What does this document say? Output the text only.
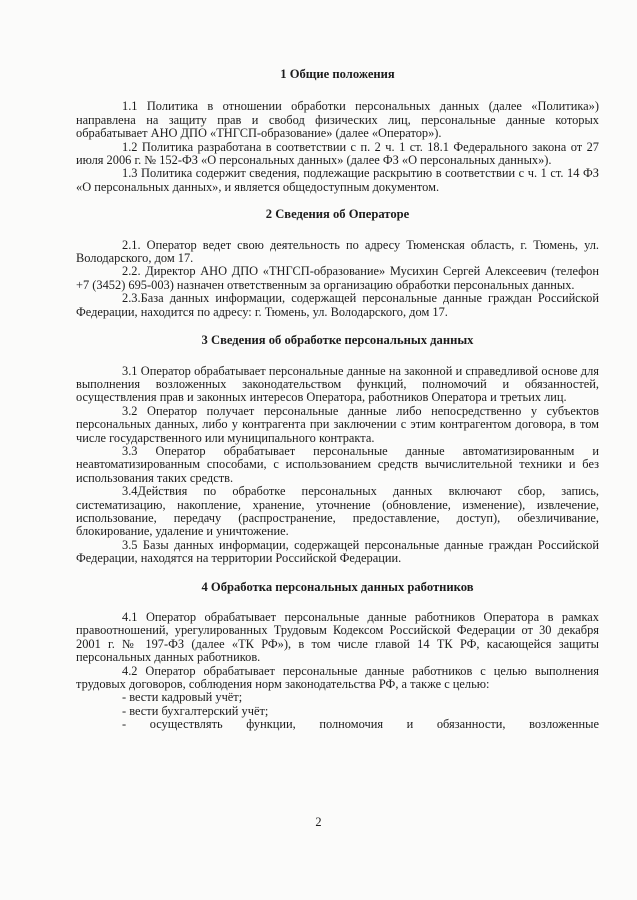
1 Общие положения

1.1 Политика в отношении обработки персональных данных (далее «Политика») направлена на защиту прав и свобод физических лиц, персональные данные которых обрабатывает АНО ДПО «ТНГСП-образование» (далее «Оператор»).

1.2 Политика разработана в соответствии с п. 2 ч. 1 ст. 18.1 Федерального закона от 27 июля 2006 г. № 152-ФЗ «О персональных данных» (далее ФЗ «О персональных данных»).

1.3 Политика содержит сведения, подлежащие раскрытию в соответствии с ч. 1 ст. 14 ФЗ «О персональных данных», и является общедоступным документом.

2 Сведения об Операторе

2.1. Оператор ведет свою деятельность по адресу Тюменская область, г. Тюмень, ул. Володарского, дом 17.

2.2. Директор АНО ДПО «ТНГСП-образование» Мусихин Сергей Алексеевич (телефон +7 (3452) 695-003) назначен ответственным за организацию обработки персональных данных.

2.3.База данных информации, содержащей персональные данные граждан Российской Федерации, находится по адресу: г. Тюмень, ул. Володарского, дом 17.

3 Сведения об обработке персональных данных

3.1 Оператор обрабатывает персональные данные на законной и справедливой основе для выполнения возложенных законодательством функций, полномочий и обязанностей, осуществления прав и законных интересов Оператора, работников Оператора и третьих лиц.

3.2 Оператор получает персональные данные либо непосредственно у субъектов персональных данных, либо у контрагента при заключении с этим контрагентом договора, в том числе государственного или муниципального контракта.

3.3 Оператор обрабатывает персональные данные автоматизированным и неавтоматизированным способами, с использованием средств вычислительной техники и без использования таких средств.

3.4Действия по обработке персональных данных включают сбор, запись, систематизацию, накопление, хранение, уточнение (обновление, изменение), извлечение, использование, передачу (распространение, предоставление, доступ), обезличивание, блокирование, удаление и уничтожение.

3.5 Базы данных информации, содержащей персональные данные граждан Российской Федерации, находятся на территории Российской Федерации.

4 Обработка персональных данных работников

4.1 Оператор обрабатывает персональные данные работников Оператора в рамках правоотношений, урегулированных Трудовым Кодексом Российской Федерации от 30 декабря 2001 г. № 197-ФЗ (далее «ТК РФ»), в том числе главой 14 ТК РФ, касающейся защиты персональных данных работников.

4.2 Оператор обрабатывает персональные данные работников с целью выполнения трудовых договоров, соблюдения норм законодательства РФ, а также с целью:

- вести кадровый учёт;
- вести бухгалтерский учёт;
- осуществлять функции, полномочия и обязанности, возложенные
2
